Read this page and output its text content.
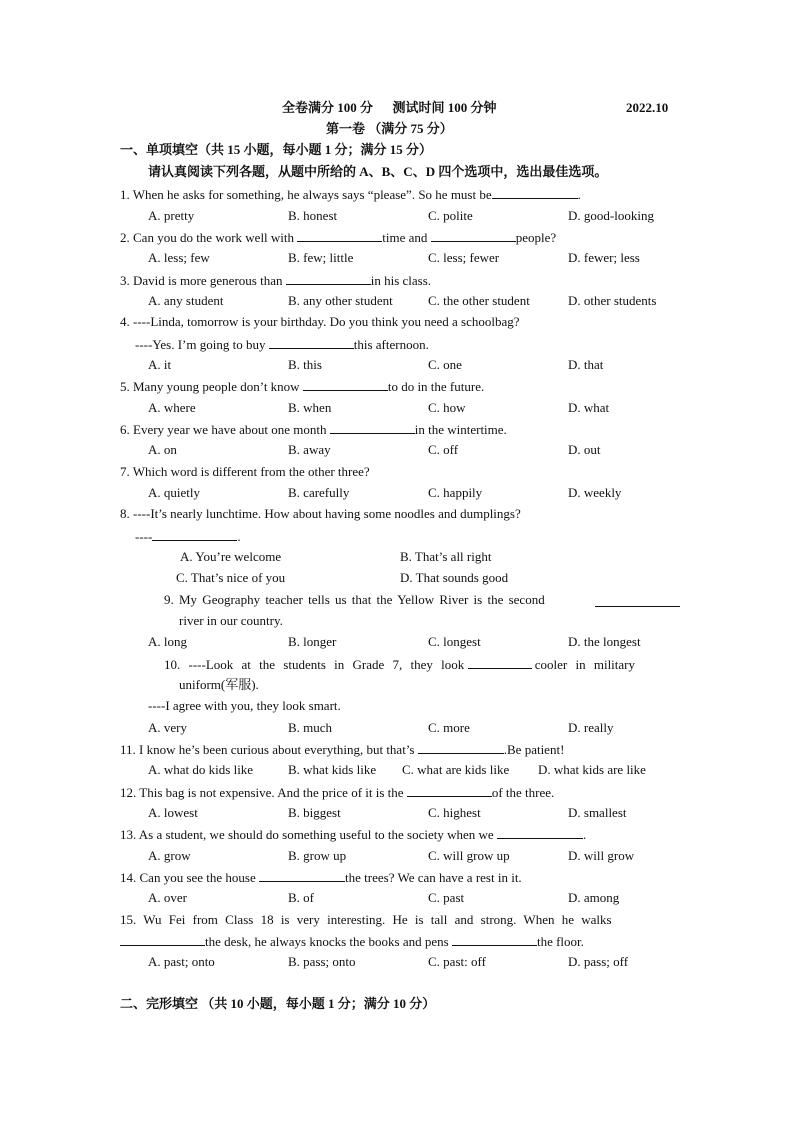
全卷满分 100 分 　 测试时间 100 分钟	2022.10
第一卷 （满分 75 分）
一、单项填空（共 15 小题，每小题 1 分；满分 15 分）
请认真阅读下列各题，从题中所给的 A、B、C、D 四个选项中，选出最佳选项。
1. When he asks for something, he always says “please”. So he must be	.
A. pretty	B. honest	C. polite	D. good-looking
2. Can you do the work well with	time and	people?
A. less; few	B. few; little	C. less; fewer	D. fewer; less
3. David is more generous than	in his class.
A. any student	B. any other student	C. the other student	D. other students
4. ----Linda, tomorrow is your birthday. Do you think you need a schoolbag?
----Yes. I’m going to buy	this afternoon.
A. it	B. this	C. one	D. that
5. Many young people don’t know	to do in the future.
A. where	B. when	C. how	D. what
6. Every year we have about one month	in the wintertime.
A. on	B. away	C. off	D. out
7. Which word is different from the other three?
A. quietly	B. carefully	C. happily	D. weekly
8. ----It’s nearly lunchtime. How about having some noodles and dumplings?
----	.
A. You’re welcome	B. That’s all right
C. That’s nice of you	D. That sounds good
9. My Geography teacher tells us that the Yellow River is the second
river in our country.
A. long	B. longer	C. longest	D. the longest
10. ----Look at the students in Grade 7, they look	cooler in military
uniform(军服).
----I agree with you, they look smart.
A. very	B. much	C. more	D. really
11. I know he’s been curious about everything, but that’s	.Be patient!
A. what do kids like	B. what kids like C. what are kids like D. what kids are like
12. This bag is not expensive. And the price of it is the	of the three.
A. lowest	B. biggest	C. highest	D. smallest
13. As a student, we should do something useful to the society when we	.
A. grow	B. grow up	C. will grow up	D. will grow
14. Can you see the house	the trees? We can have a rest in it.
A. over	B. of	C. past	D. among
15. Wu Fei from Class 18 is very interesting. He is tall and strong. When he walks
the desk, he always knocks the books and pens	the floor.
A. past; onto	B. pass; onto	C. past: off	D. pass; off
二、完形填空 （共 10 小题，每小题 1 分；满分 10 分）
